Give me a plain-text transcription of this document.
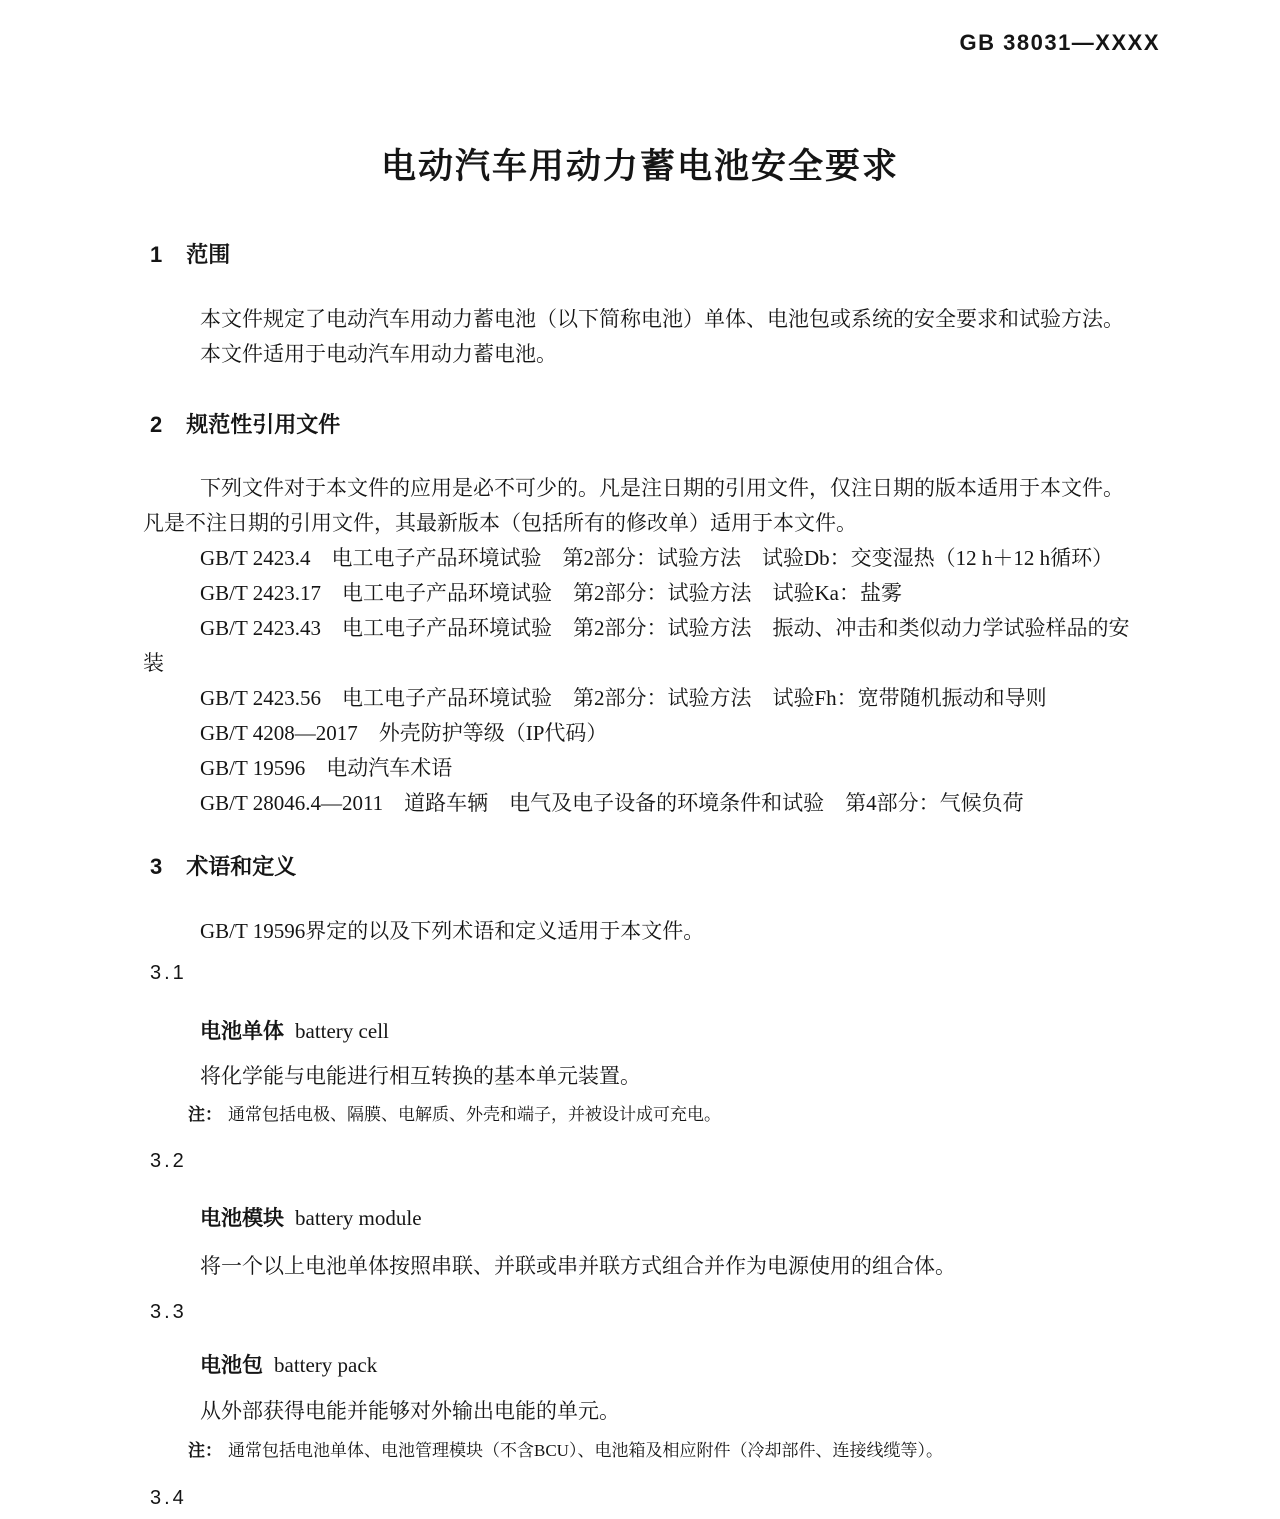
GB 38031—XXXX
电动汽车用动力蓄电池安全要求
1 范围
本文件规定了电动汽车用动力蓄电池（以下简称电池）单体、电池包或系统的安全要求和试验方法。
本文件适用于电动汽车用动力蓄电池。
2 规范性引用文件
下列文件对于本文件的应用是必不可少的。凡是注日期的引用文件，仅注日期的版本适用于本文件。
凡是不注日期的引用文件，其最新版本（包括所有的修改单）适用于本文件。
GB/T 2423.4　电工电子产品环境试验　第2部分：试验方法　试验Db：交变湿热（12 h＋12 h循环）
GB/T 2423.17　电工电子产品环境试验　第2部分：试验方法　试验Ka：盐雾
GB/T 2423.43　电工电子产品环境试验　第2部分：试验方法　振动、冲击和类似动力学试验样品的安
装
GB/T 2423.56　电工电子产品环境试验　第2部分：试验方法　试验Fh：宽带随机振动和导则
GB/T 4208—2017　外壳防护等级（IP代码）
GB/T 19596　电动汽车术语
GB/T 28046.4—2011　道路车辆　电气及电子设备的环境条件和试验　第4部分：气候负荷
3 术语和定义
GB/T 19596界定的以及下列术语和定义适用于本文件。
3.1
电池单体 battery cell
将化学能与电能进行相互转换的基本单元装置。
注： 通常包括电极、隔膜、电解质、外壳和端子，并被设计成可充电。
3.2
电池模块 battery module
将一个以上电池单体按照串联、并联或串并联方式组合并作为电源使用的组合体。
3.3
电池包 battery pack
从外部获得电能并能够对外输出电能的单元。
注： 通常包括电池单体、电池管理模块（不含BCU）、电池箱及相应附件（冷却部件、连接线缆等）。
3.4
